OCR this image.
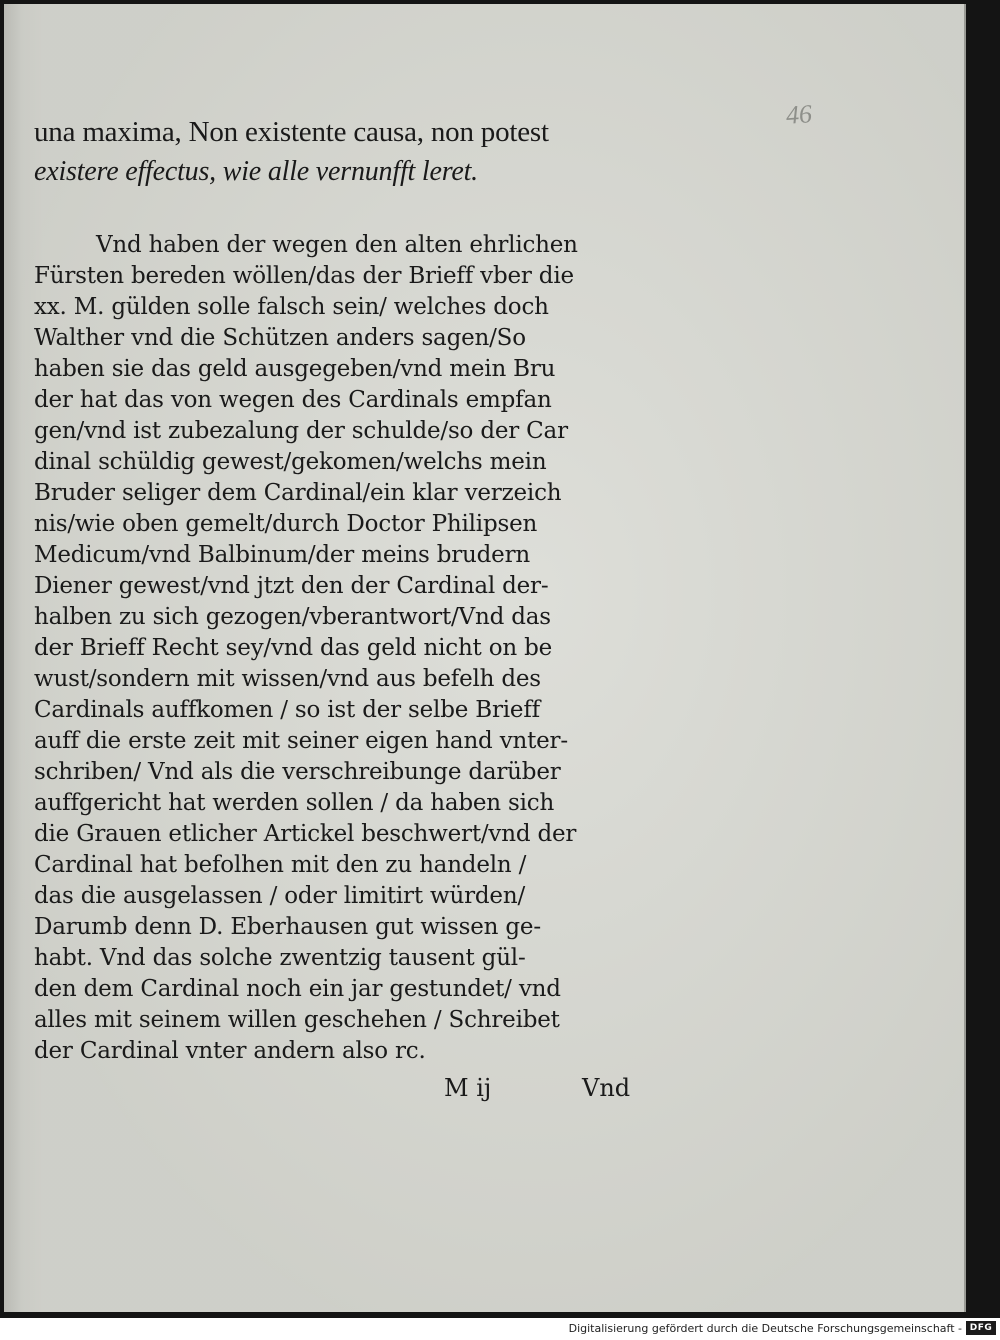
46
una maxima, Non existente causa, non potest
existere effectus, wie alle vernunfft leret.
Vnd haben der wegen den alten ehrlichen
Fürsten bereden wöllen/das der Brieff vber die
xx. M. gülden solle falsch sein/ welches doch
Walther vnd die Schützen anders sagen/So
haben sie das geld ausgegeben/vnd mein Bru
der hat das von wegen des Cardinals empfan
gen/vnd ist zubezalung der schulde/so der Car
dinal schüldig gewest/gekomen/welchs mein
Bruder seliger dem Cardinal/ein klar verzeich
nis/wie oben gemelt/durch Doctor Philipsen
Medicum/vnd Balbinum/der meins brudern
Diener gewest/vnd jtzt den der Cardinal der-
halben zu sich gezogen/vberantwort/Vnd das
der Brieff Recht sey/vnd das geld nicht on be
wust/sondern mit wissen/vnd aus befelh des
Cardinals auffkomen / so ist der selbe Brieff
auff die erste zeit mit seiner eigen hand vnter-
schriben/ Vnd als die verschreibunge darüber
auffgericht hat werden sollen / da haben sich
die Grauen etlicher Artickel beschwert/vnd der
Cardinal hat befolhen mit den zu handeln /
das die ausgelassen / oder limitirt würden/
Darumb denn D. Eberhausen gut wissen ge-
habt. Vnd das solche zwentzig tausent gül-
den dem Cardinal noch ein jar gestundet/ vnd
alles mit seinem willen geschehen / Schreibet
der Cardinal vnter andern also rc.
M ij	Vnd
Digitalisierung gefördert durch die Deutsche Forschungsgemeinschaft - DFG
